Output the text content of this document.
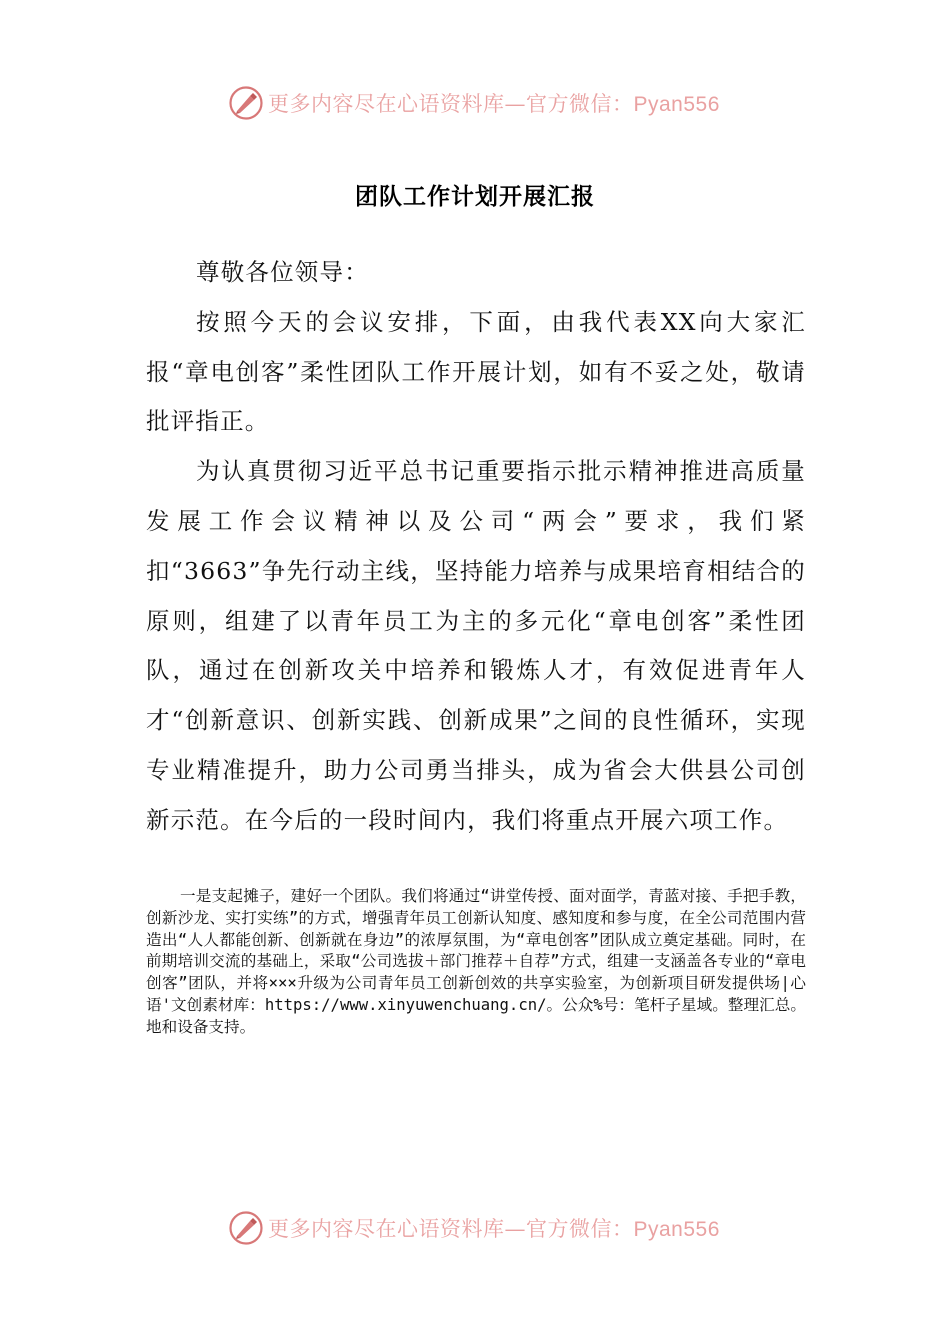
更多内容尽在心语资料库—官方微信：Pyan556
团队工作计划开展汇报

尊敬各位领导：

按照今天的会议安排，下面，由我代表XX向大家汇报“章电创客”柔性团队工作开展计划，如有不妥之处，敬请批评指正。

为认真贯彻习近平总书记重要指示批示精神推进高质量发展工作会议精神以及公司“两会”要求，我们紧扣“3663”争先行动主线，坚持能力培养与成果培育相结合的原则，组建了以青年员工为主的多元化“章电创客”柔性团队，通过在创新攻关中培养和锻炼人才，有效促进青年人才“创新意识、创新实践、创新成果”之间的良性循环，实现专业精准提升，助力公司勇当排头，成为省会大供县公司创新示范。在今后的一段时间内，我们将重点开展六项工作。

一是支起摊子，建好一个团队。我们将通过“讲堂传授、面对面学，青蓝对接、手把手教，创新沙龙、实打实练”的方式，增强青年员工创新认知度、感知度和参与度，在全公司范围内营造出“人人都能创新、创新就在身边”的浓厚氛围，为“章电创客”团队成立奠定基础。同时，在前期培训交流的基础上，采取“公司选拔＋部门推荐＋自荐”方式，组建一支涵盖各专业的“章电创客”团队，并将×××升级为公司青年员工创新创效的共享实验室，为创新项目研发提供场|心语'文创素材库：https://www.xinyuwenchuang.cn/。公众%号：笔杆子星域。整理汇总。地和设备支持。

更多内容尽在心语资料库—官方微信：Pyan556
